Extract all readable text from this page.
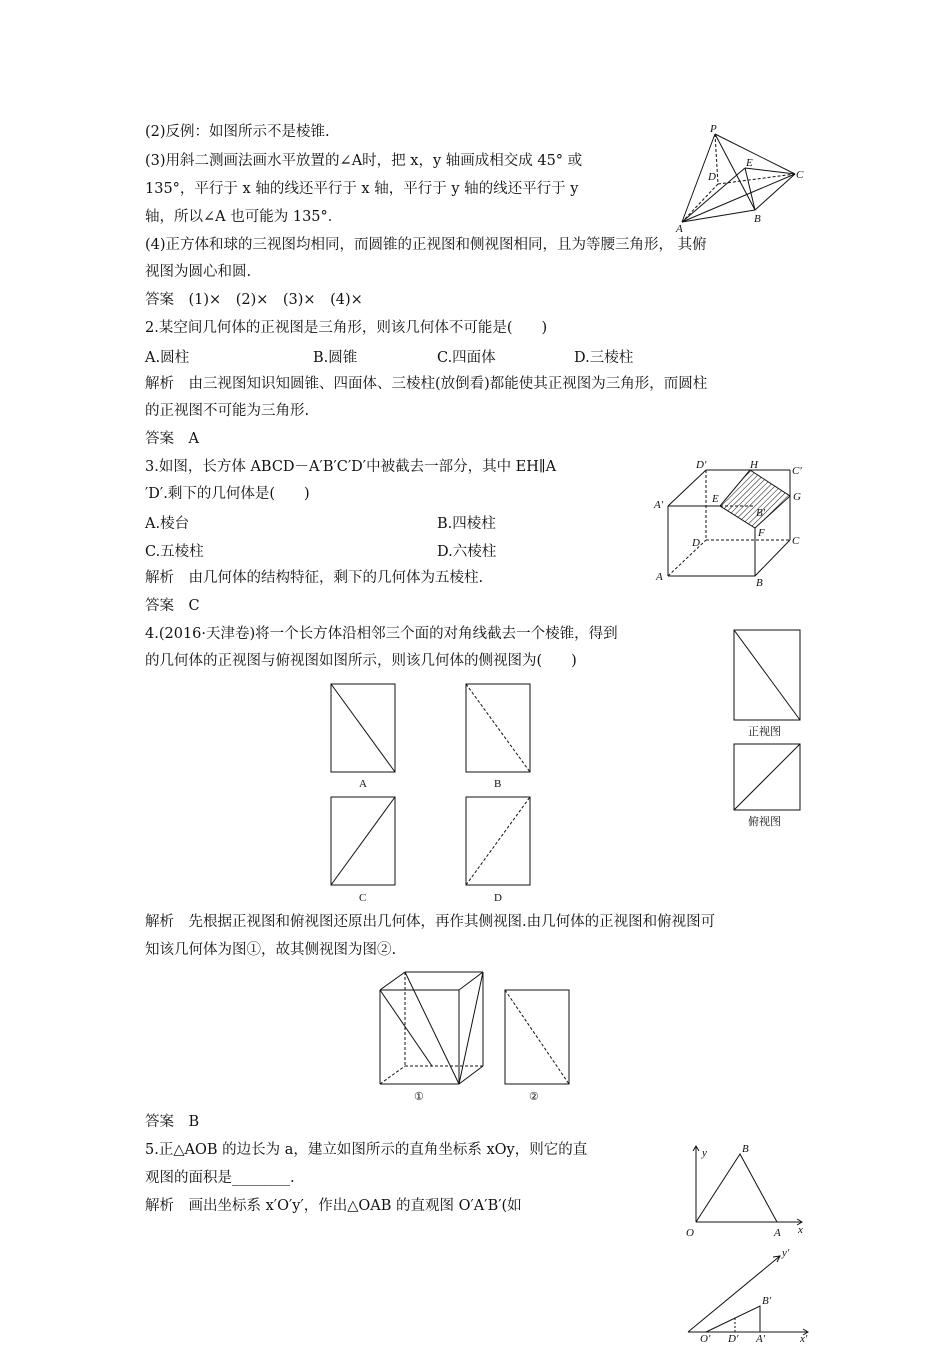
(2)反例：如图所示不是棱锥.
(3)用斜二测画法画水平放置的∠A时，把 x，y 轴画成相交成 45° 或
135°，平行于 x 轴的线还平行于 x 轴，平行于 y 轴的线还平行于 y
轴，所以∠A 也可能为 135°．
(4)正方体和球的三视图均相同，而圆锥的正视图和侧视图相同，且为等腰三角形， 其俯
视图为圆心和圆.
答案　(1)×　(2)×　(3)×　(4)×
2.某空间几何体的正视图是三角形，则该几何体不可能是(　　)
A.圆柱	B.圆锥	C.四面体	D.三棱柱
解析　由三视图知识知圆锥、四面体、三棱柱(放倒看)都能使其正视图为三角形，而圆柱
的正视图不可能为三角形.
答案　A
3.如图，长方体 ABCD－A′B′C′D′中被截去一部分，其中 EH∥A
′D′.剩下的几何体是(　　)
A.棱台	B.四棱柱
C.五棱柱	D.六棱柱
解析　由几何体的结构特征，剩下的几何体为五棱柱.
答案　C
4.(2016·天津卷)将一个长方体沿相邻三个面的对角线截去一个棱锥，得到
的几何体的正视图与俯视图如图所示，则该几何体的侧视图为(　　)
解析　先根据正视图和俯视图还原出几何体，再作其侧视图.由几何体的正视图和俯视图可
知该几何体为图①，故其侧视图为图②.
答案　B
5.正△AOB 的边长为 a，建立如图所示的直角坐标系 xOy，则它的直
观图的面积是________.
解析　画出坐标系 x′O′y′，作出△OAB 的直观图 O′A′B′(如
P
E
D	C
A
B
D′	H	C′
A′	E	G
B′
F
D	C
A	B
A	B
C	D
正视图
俯视图
①	②
y	B
O	A x
y′
B′
O′ D′ A′	x′
